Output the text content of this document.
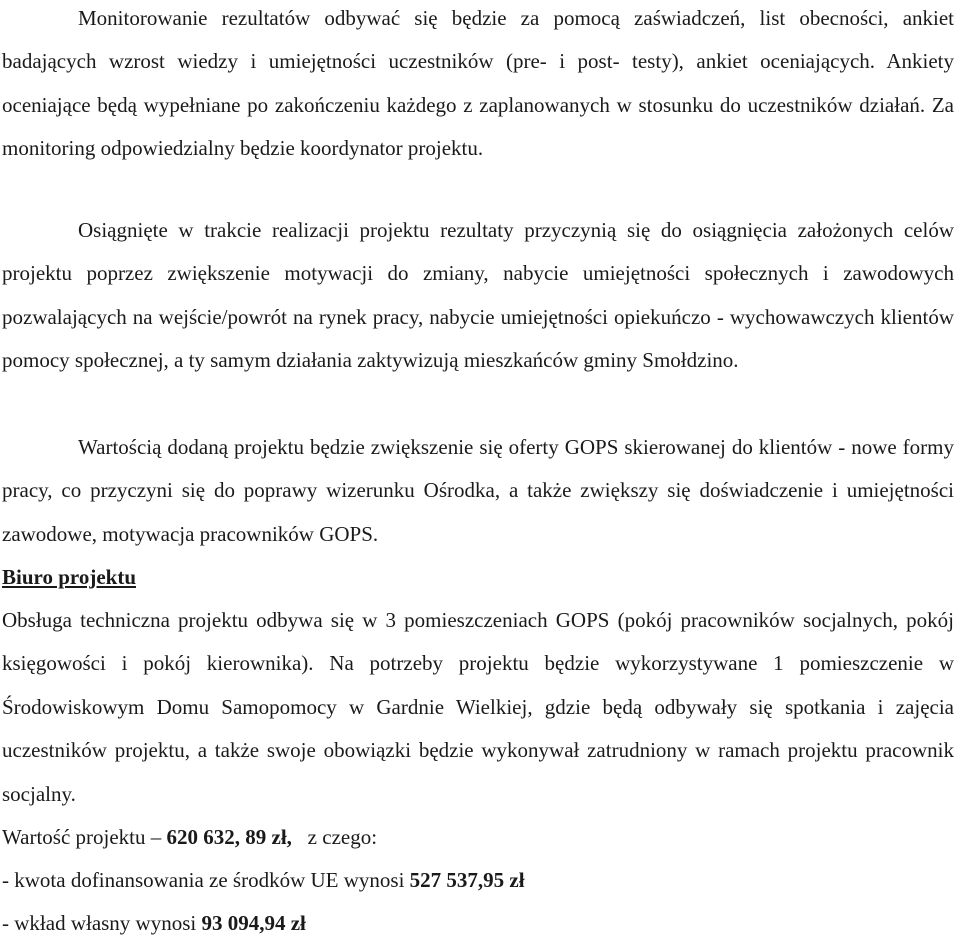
Monitorowanie rezultatów odbywać się będzie za pomocą zaświadczeń, list obecności, ankiet badających wzrost wiedzy i umiejętności uczestników (pre- i post- testy), ankiet oceniających. Ankiety oceniające będą wypełniane po zakończeniu każdego z zaplanowanych w stosunku do uczestników działań. Za monitoring odpowiedzialny będzie koordynator projektu.

Osiągnięte w trakcie realizacji projektu rezultaty przyczynią się do osiągnięcia założonych celów projektu poprzez zwiększenie motywacji do zmiany, nabycie umiejętności społecznych i zawodowych pozwalających na wejście/powrót na rynek pracy, nabycie umiejętności opiekuńczo - wychowawczych klientów pomocy społecznej, a ty samym działania zaktywizują mieszkańców gminy Smołdzino.

Wartością dodaną projektu będzie zwiększenie się oferty GOPS skierowanej do klientów - nowe formy pracy, co przyczyni się do poprawy wizerunku Ośrodka, a także zwiększy się doświadczenie i umiejętności zawodowe, motywacja pracowników GOPS.

Biuro projektu

Obsługa techniczna projektu odbywa się w 3 pomieszczeniach GOPS (pokój pracowników socjalnych, pokój księgowości i pokój kierownika). Na potrzeby projektu będzie wykorzystywane 1 pomieszczenie w Środowiskowym Domu Samopomocy w Gardnie Wielkiej, gdzie będą odbywały się spotkania i zajęcia uczestników projektu, a także swoje obowiązki będzie wykonywał zatrudniony w ramach projektu pracownik socjalny.

Wartość projektu – 620 632, 89 zł, z czego:

- kwota dofinansowania ze środków UE wynosi 527 537,95 zł

- wkład własny wynosi 93 094,94 zł
